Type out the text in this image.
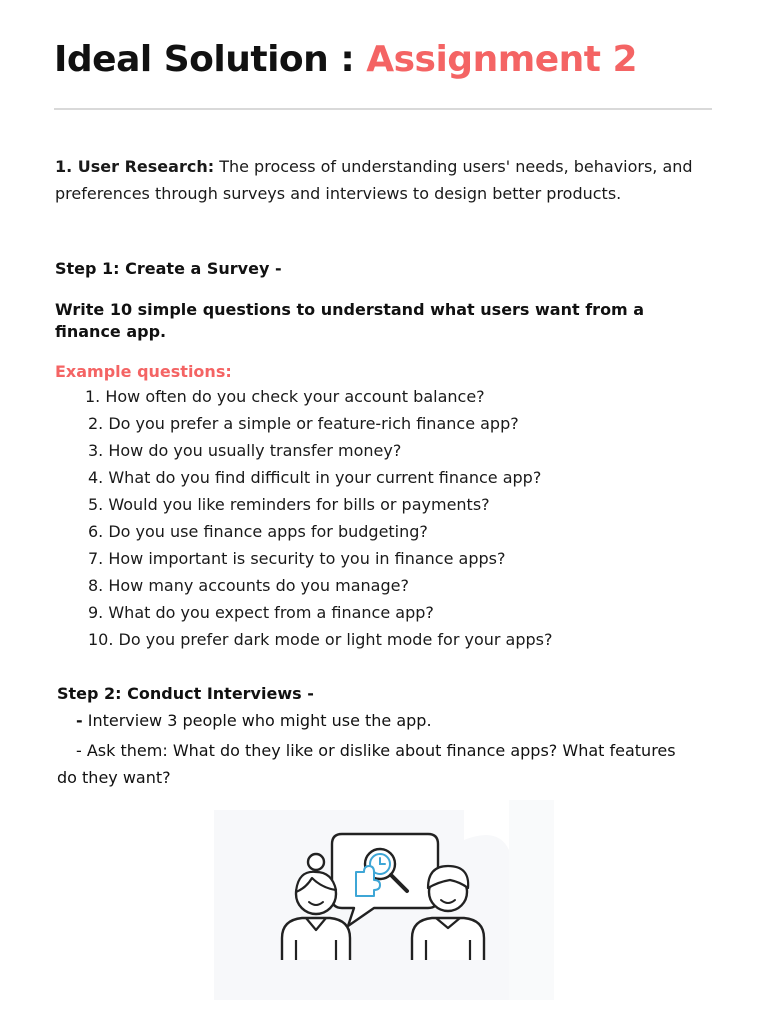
Ideal Solution : Assignment 2
1. User Research: The process of understanding users' needs, behaviors, and preferences through surveys and interviews to design better products.
Step 1: Create a Survey -
Write 10 simple questions to understand what users want from a finance app.
Example questions:
1. How often do you check your account balance?
2. Do you prefer a simple or feature-rich finance app?
3. How do you usually transfer money?
4. What do you find difficult in your current finance app?
5. Would you like reminders for bills or payments?
6. Do you use finance apps for budgeting?
7. How important is security to you in finance apps?
8. How many accounts do you manage?
9. What do you expect from a finance app?
10. Do you prefer dark mode or light mode for your apps?
Step 2: Conduct Interviews -
- Interview 3 people who might use the app.
- Ask them: What do they like or dislike about finance apps? What features do they want?
